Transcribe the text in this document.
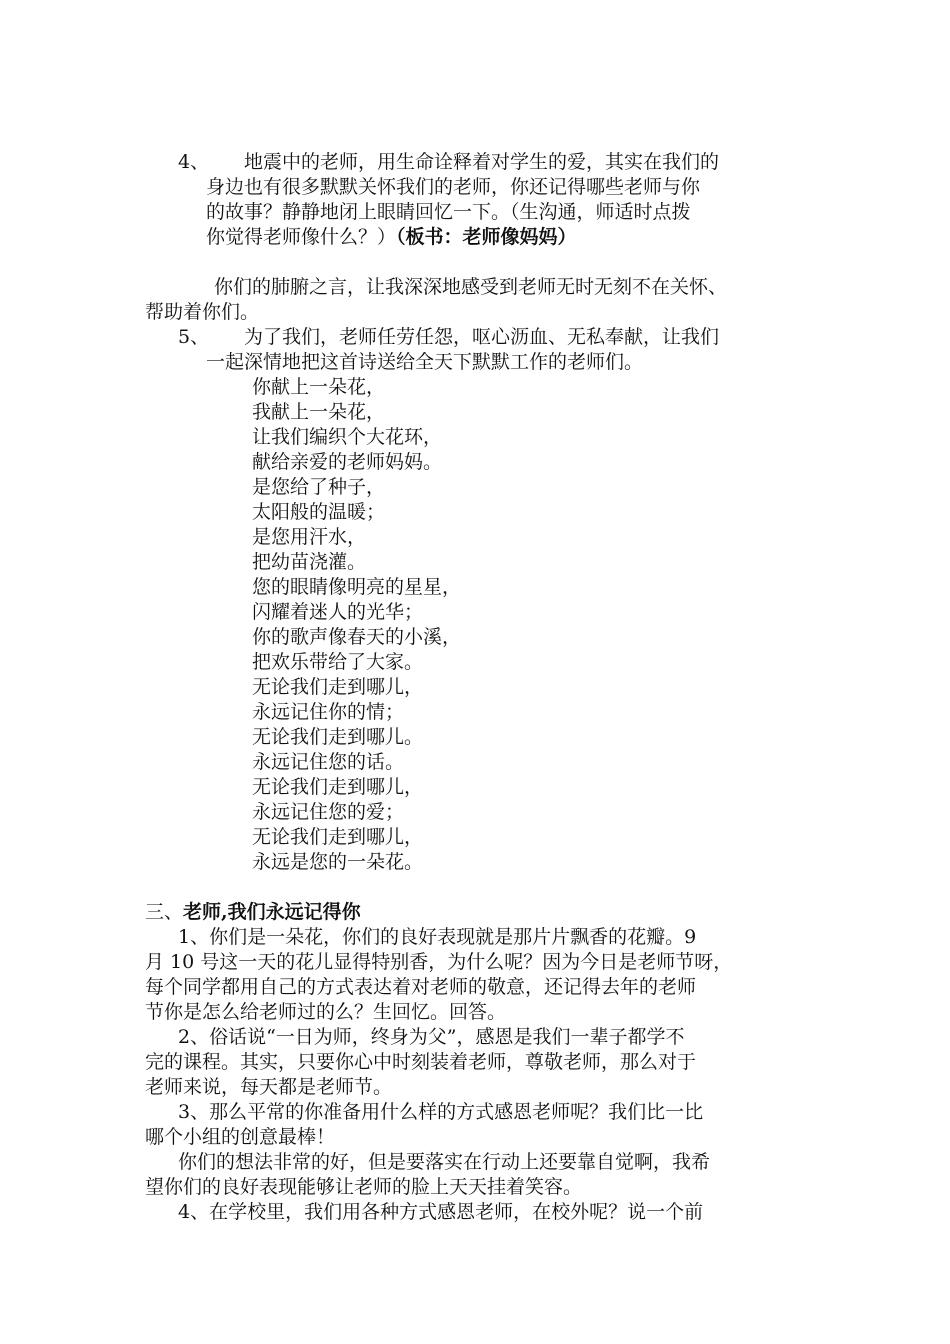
4、 地震中的老师，用生命诠释着对学生的爱，其实在我们的
身边也有很多默默关怀我们的老师，你还记得哪些老师与你
的故事？静静地闭上眼睛回忆一下。（生沟通，师适时点拨
你觉得老师像什么？）（板书：老师像妈妈）
你们的肺腑之言，让我深深地感受到老师无时无刻不在关怀、
帮助着你们。
5、 为了我们，老师任劳任怨，呕心沥血、无私奉献，让我们
一起深情地把这首诗送给全天下默默工作的老师们。
你献上一朵花，
我献上一朵花，
让我们编织个大花环，
献给亲爱的老师妈妈。
是您给了种子，
太阳般的温暖；
是您用汗水，
把幼苗浇灌。
您的眼睛像明亮的星星，
闪耀着迷人的光华；
你的歌声像春天的小溪，
把欢乐带给了大家。
无论我们走到哪儿，
永远记住你的情；
无论我们走到哪儿。
永远记住您的话。
无论我们走到哪儿，
永远记住您的爱；
无论我们走到哪儿，
永远是您的一朵花。
三、老师,我们永远记得你
1、你们是一朵花，你们的良好表现就是那片片飘香的花瓣。9
月 10 号这一天的花儿显得特别香，为什么呢？因为今日是老师节呀，
每个同学都用自己的方式表达着对老师的敬意，还记得去年的老师
节你是怎么给老师过的么？生回忆。回答。
2、俗话说“一日为师，终身为父”，感恩是我们一辈子都学不
完的课程。其实，只要你心中时刻装着老师，尊敬老师，那么对于
老师来说，每天都是老师节。
3、那么平常的你准备用什么样的方式感恩老师呢？我们比一比
哪个小组的创意最棒！
你们的想法非常的好，但是要落实在行动上还要靠自觉啊，我希
望你们的良好表现能够让老师的脸上天天挂着笑容。
4、在学校里，我们用各种方式感恩老师，在校外呢？说一个前
